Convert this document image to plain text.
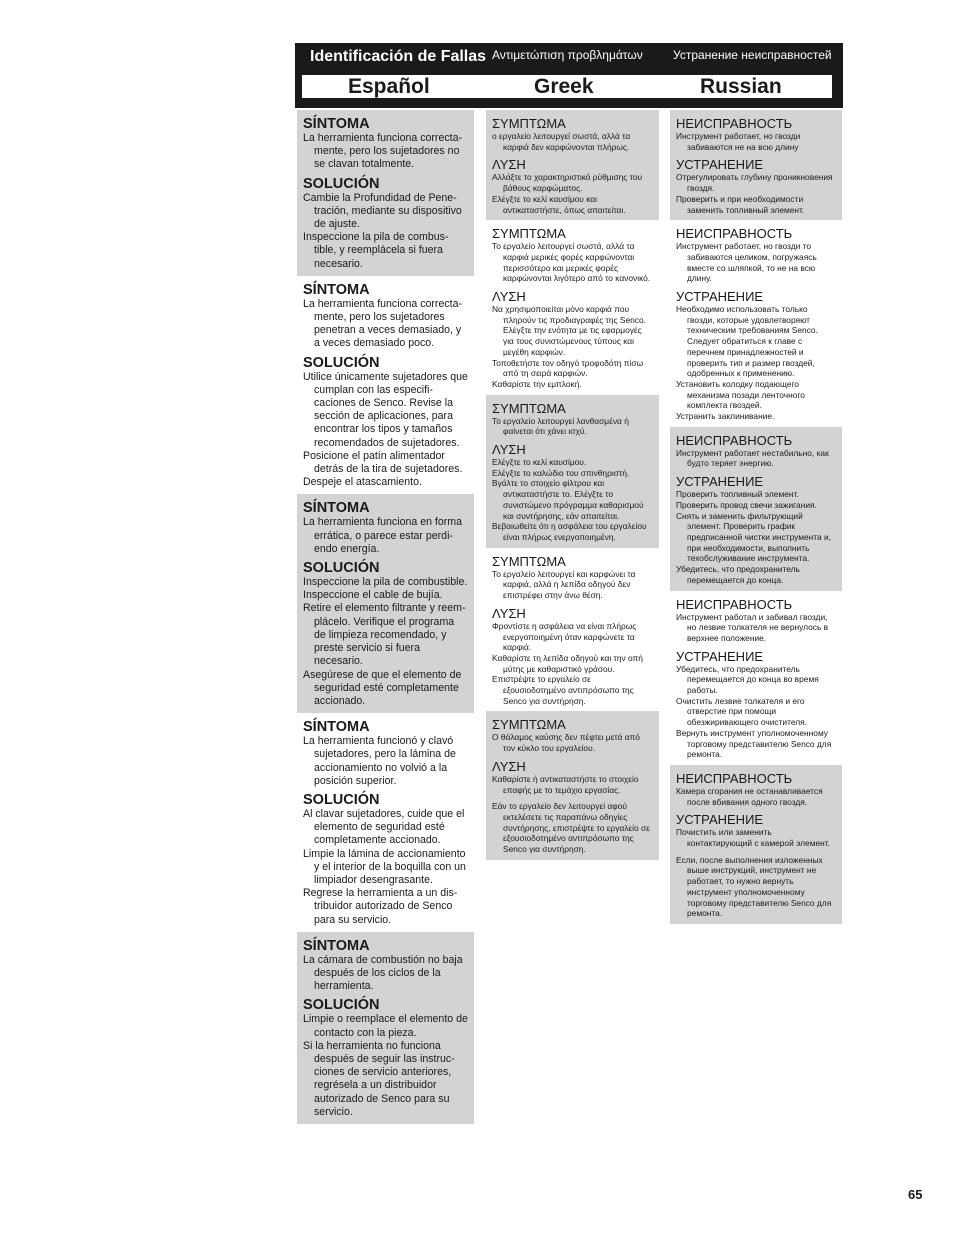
Identificación de Fallas Αντιμετώπιση προβλημάτων	Устранение неисправностей
Español	Greek	Russian
SÍNTOMA
La herramienta funciona correcta-mente, pero los sujetadores no se clavan totalmente.
SOLUCIÓN
Cambie la Profundidad de Pene-tración, mediante su dispositivo de ajuste.
Inspeccione la pila de combus-tible, y reemplácela si fuera necesario.
SÍNTOMA
La herramienta funciona correcta-mente, pero los sujetadores penetran a veces demasiado, y a veces demasiado poco.
SOLUCIÓN
Utilice únicamente sujetadores que cumplan con las especifi-caciones de Senco. Revise la sección de aplicaciones, para encontrar los tipos y tamaños recomendados de sujetadores.
Posicione el patín alimentador detrás de la tira de sujetadores.
Despeje el atascamiento.
SÍNTOMA
La herramienta funciona en forma errática, o parece estar perdi-endo energía.
SOLUCIÓN
Inspeccione la pila de combustible.
Inspeccione el cable de bujía.
Retire el elemento filtrante y reem-plácelo. Verifique el programa de limpieza recomendado, y preste servicio si fuera necesario.
Asegúrese de que el elemento de seguridad esté completamente accionado.
SÍNTOMA
La herramienta funcionó y clavó sujetadores, pero la lámina de accionamiento no volvió a la posición superior.
SOLUCIÓN
Al clavar sujetadores, cuide que el elemento de seguridad esté completamente accionado.
Limpie la lámina de accionamiento y el interior de la boquilla con un limpiador desengrasante.
Regrese la herramienta a un dis-tribuidor autorizado de Senco para su servicio.
SÍNTOMA
La cámara de combustión no baja después de los ciclos de la herramienta.
SOLUCIÓN
Limpie o reemplace el elemento de contacto con la pieza.
Si la herramienta no funciona después de seguir las instruc-ciones de servicio anteriores, regrésela a un distribuidor autorizado de Senco para su servicio.
ΣΥΜΠΤΩΜΑ
ο εργαλείο λειτουργεί σωστά, αλλά τα καρφιά δεν καρφώνονται πλήρως.
ΛΥΣΗ
Αλλάξτε το χαρακτηριστικό ρύθμισης του βάθους καρφώματος.
Ελέγξτε το κελί καυσίμου και αντικαταστήστε, όπως απαιτείται.
ΣΥΜΠΤΩΜΑ
Το εργαλείο λειτουργεί σωστά, αλλά τα καρφιά μερικές φορές καρφώνονται περισσότερο και μερικές φορές καρφώνονται λιγότερο από το κανονικό.
ΛΥΣΗ
Να χρησιμοποιείται μόνο καρφιά που πληρούν τις προδιαγραφές της Senco. Ελέγξτε την ενότητα με τις εφαρμογές για τους συνιστώμενους τύπους και μεγέθη καρφιών.
Τοποθετήστε τον οδηγό τροφοδότη πίσω από τη σειρά καρφιών.
Καθαρίστε την εμπλοκή.
ΣΥΜΠΤΩΜΑ
Το εργαλείο λειτουργεί λανθασμένα ή φαίνεται ότι χάνει ισχύ.
ΛΥΣΗ
Ελέγξτε το κελί καυσίμου.
Ελέγξτε το καλώδιο του σπινθηριστή.
Βγάλτε το στοιχείο φίλτρου και αντικαταστήστε το. Ελέγξτε το συνιστώμενο πρόγραμμα καθαρισμού και συντήρησης, εάν απαιτείται.
Βεβαιωθείτε ότι η ασφάλεια του εργαλείου είναι πλήρως ενεργοποιημένη.
ΣΥΜΠΤΩΜΑ
Το εργαλείο λειτουργεί και καρφώνει τα καρφιά, αλλά η λεπίδα οδηγού δεν επιστρέφει στην άνω θέση.
ΛΥΣΗ
Φροντίστε η ασφάλεια να είναι πλήρως ενεργοποιημένη όταν καρφώνετε τα καρφιά.
Καθαρίστε τη λεπίδα οδηγού και την οπή μύτης με καθαριστικό γράσου.
Επιστρέψτε το εργαλείο σε εξουσιοδοτημένο αντιπρόσωπο της Senco για συντήρηση.
ΣΥΜΠΤΩΜΑ
Ο θάλαμος καύσης δεν πέφτει μετά από τον κύκλο του εργαλείου.
ΛΥΣΗ
Καθαρίστε ή αντικαταστήστε το στοιχείο επαφής με το τεμάχιο εργασίας.
Εάν το εργαλείο δεν λειτουργεί αφού εκτελέσετε τις παραπάνω οδηγίες συντήρησης, επιστρέψτε το εργαλείο σε εξουσιοδοτημένο αντιπρόσωπο της Senco για συντήρηση.
НЕИСПРАВНОСТЬ
Инструмент работает, но гвозди забиваются не на всю длину
УСТРАНЕНИЕ
Отрегулировать глубину проникновения гвоздя.
Проверить и при необходимости заменить топливный элемент.
НЕИСПРАВНОСТЬ
Инструмент работает, но гвозди то забиваются целиком, погружаясь вместе со шляпкой, то не на всю длину.
УСТРАНЕНИЕ
Необходимо использовать только гвозди, которые удовлетворяют техническим требованиям Senco. Следует обратиться к главе с перечнем принадлежностей и проверить тип и размер гвоздей, одобренных к применению.
Установить колодку подающего механизма позади ленточного комплекта гвоздей.
Устранить заклинивание.
НЕИСПРАВНОСТЬ
Инструмент работает нестабильно, как будто теряет энергию.
УСТРАНЕНИЕ
Проверить топливный элемент.
Проверить провод свечи зажигания.
Снять и заменить фильтрующий элемент. Проверить график предписанной чистки инструмента и, при необходимости, выполнить техобслуживание инструмента.
Убедитесь, что предохранитель перемещается до конца.
НЕИСПРАВНОСТЬ
Инструмент работал и забивал гвозди, но лезвие толкателя не вернулось в верхнее положение.
УСТРАНЕНИЕ
Убедитесь, что предохранитель перемещается до конца во время работы.
Очистить лезвие толкателя и его отверстие при помощи обезжиривающего очистителя.
Вернуть инструмент уполномоченному торговому представителю Senco для ремонта.
НЕИСПРАВНОСТЬ
Камера сгорания не останавливается после вбивания одного гвоздя.
УСТРАНЕНИЕ
Почистить или заменить контактирующий с камерой элемент.
Если, после выполнения изложенных выше инструкций, инструмент не работает, то нужно вернуть инструмент уполномоченному торговому представителю Senco для ремонта.
65
